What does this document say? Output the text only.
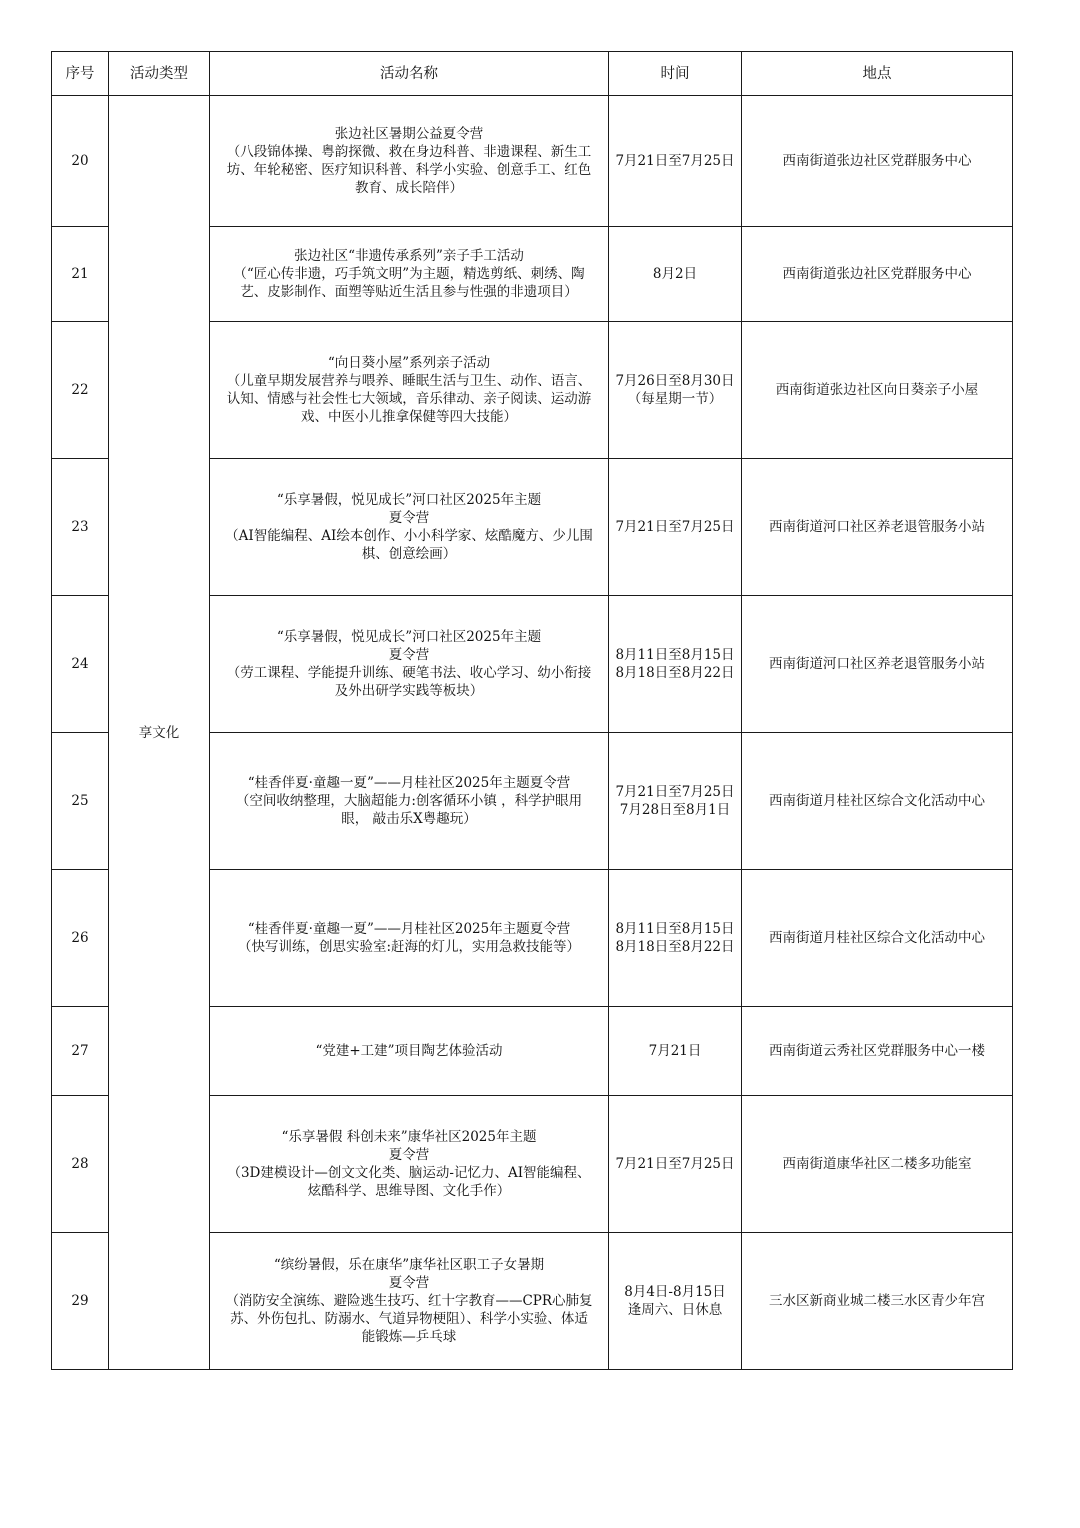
序号	活动类型	活动名称	时间	地点
20	享文化	张边社区暑期公益夏令营
（八段锦体操、粤韵探微、救在身边科普、非遗课程、新生工
坊、年轮秘密、医疗知识科普、科学小实验、创意手工、红色
教育、成长陪伴）	7月21日至7月25日	西南街道张边社区党群服务中心
21		张边社区“非遗传承系列”亲子手工活动
（“匠心传非遗，巧手筑文明”为主题，精选剪纸、刺绣、陶
艺、皮影制作、面塑等贴近生活且参与性强的非遗项目）	8月2日	西南街道张边社区党群服务中心
22		“向日葵小屋”系列亲子活动
（儿童早期发展营养与喂养、睡眠生活与卫生、动作、语言、
认知、情感与社会性七大领域，音乐律动、亲子阅读、运动游
戏、中医小儿推拿保健等四大技能）	7月26日至8月30日
（每星期一节）	西南街道张边社区向日葵亲子小屋
23		“乐享暑假，悦见成长”河口社区2025年主题
夏令营
（AI智能编程、AI绘本创作、小小科学家、炫酷魔方、少儿围
棋、创意绘画）	7月21日至7月25日	西南街道河口社区养老退管服务小站
24		“乐享暑假，悦见成长”河口社区2025年主题
夏令营
（劳工课程、学能提升训练、硬笔书法、收心学习、幼小衔接
及外出研学实践等板块）	8月11日至8月15日
8月18日至8月22日	西南街道河口社区养老退管服务小站
25		“桂香伴夏·童趣一夏”——月桂社区2025年主题夏令营
（空间收纳整理，大脑超能力:创客循环小镇 ，科学护眼用
眼， 敲击乐X粤趣玩）	7月21日至7月25日
7月28日至8月1日	西南街道月桂社区综合文化活动中心
26		“桂香伴夏·童趣一夏”——月桂社区2025年主题夏令营
（快写训练，创思实验室:赶海的灯儿，实用急救技能等）	8月11日至8月15日
8月18日至8月22日	西南街道月桂社区综合文化活动中心
27		“党建+工建”项目陶艺体验活动	7月21日	西南街道云秀社区党群服务中心一楼
28		“乐享暑假 科创未来”康华社区2025年主题
夏令营
（3D建模设计—创文文化类、脑运动-记忆力、AI智能编程、
炫酷科学、思维导图、文化手作）	7月21日至7月25日	西南街道康华社区二楼多功能室
29		“缤纷暑假，乐在康华”康华社区职工子女暑期
夏令营
（消防安全演练、避险逃生技巧、红十字教育——CPR心肺复
苏、外伤包扎、防溺水、气道异物梗阻）、科学小实验、体适
能锻炼—乒乓球	8月4日-8月15日
逢周六、日休息	三水区新商业城二楼三水区青少年宫
